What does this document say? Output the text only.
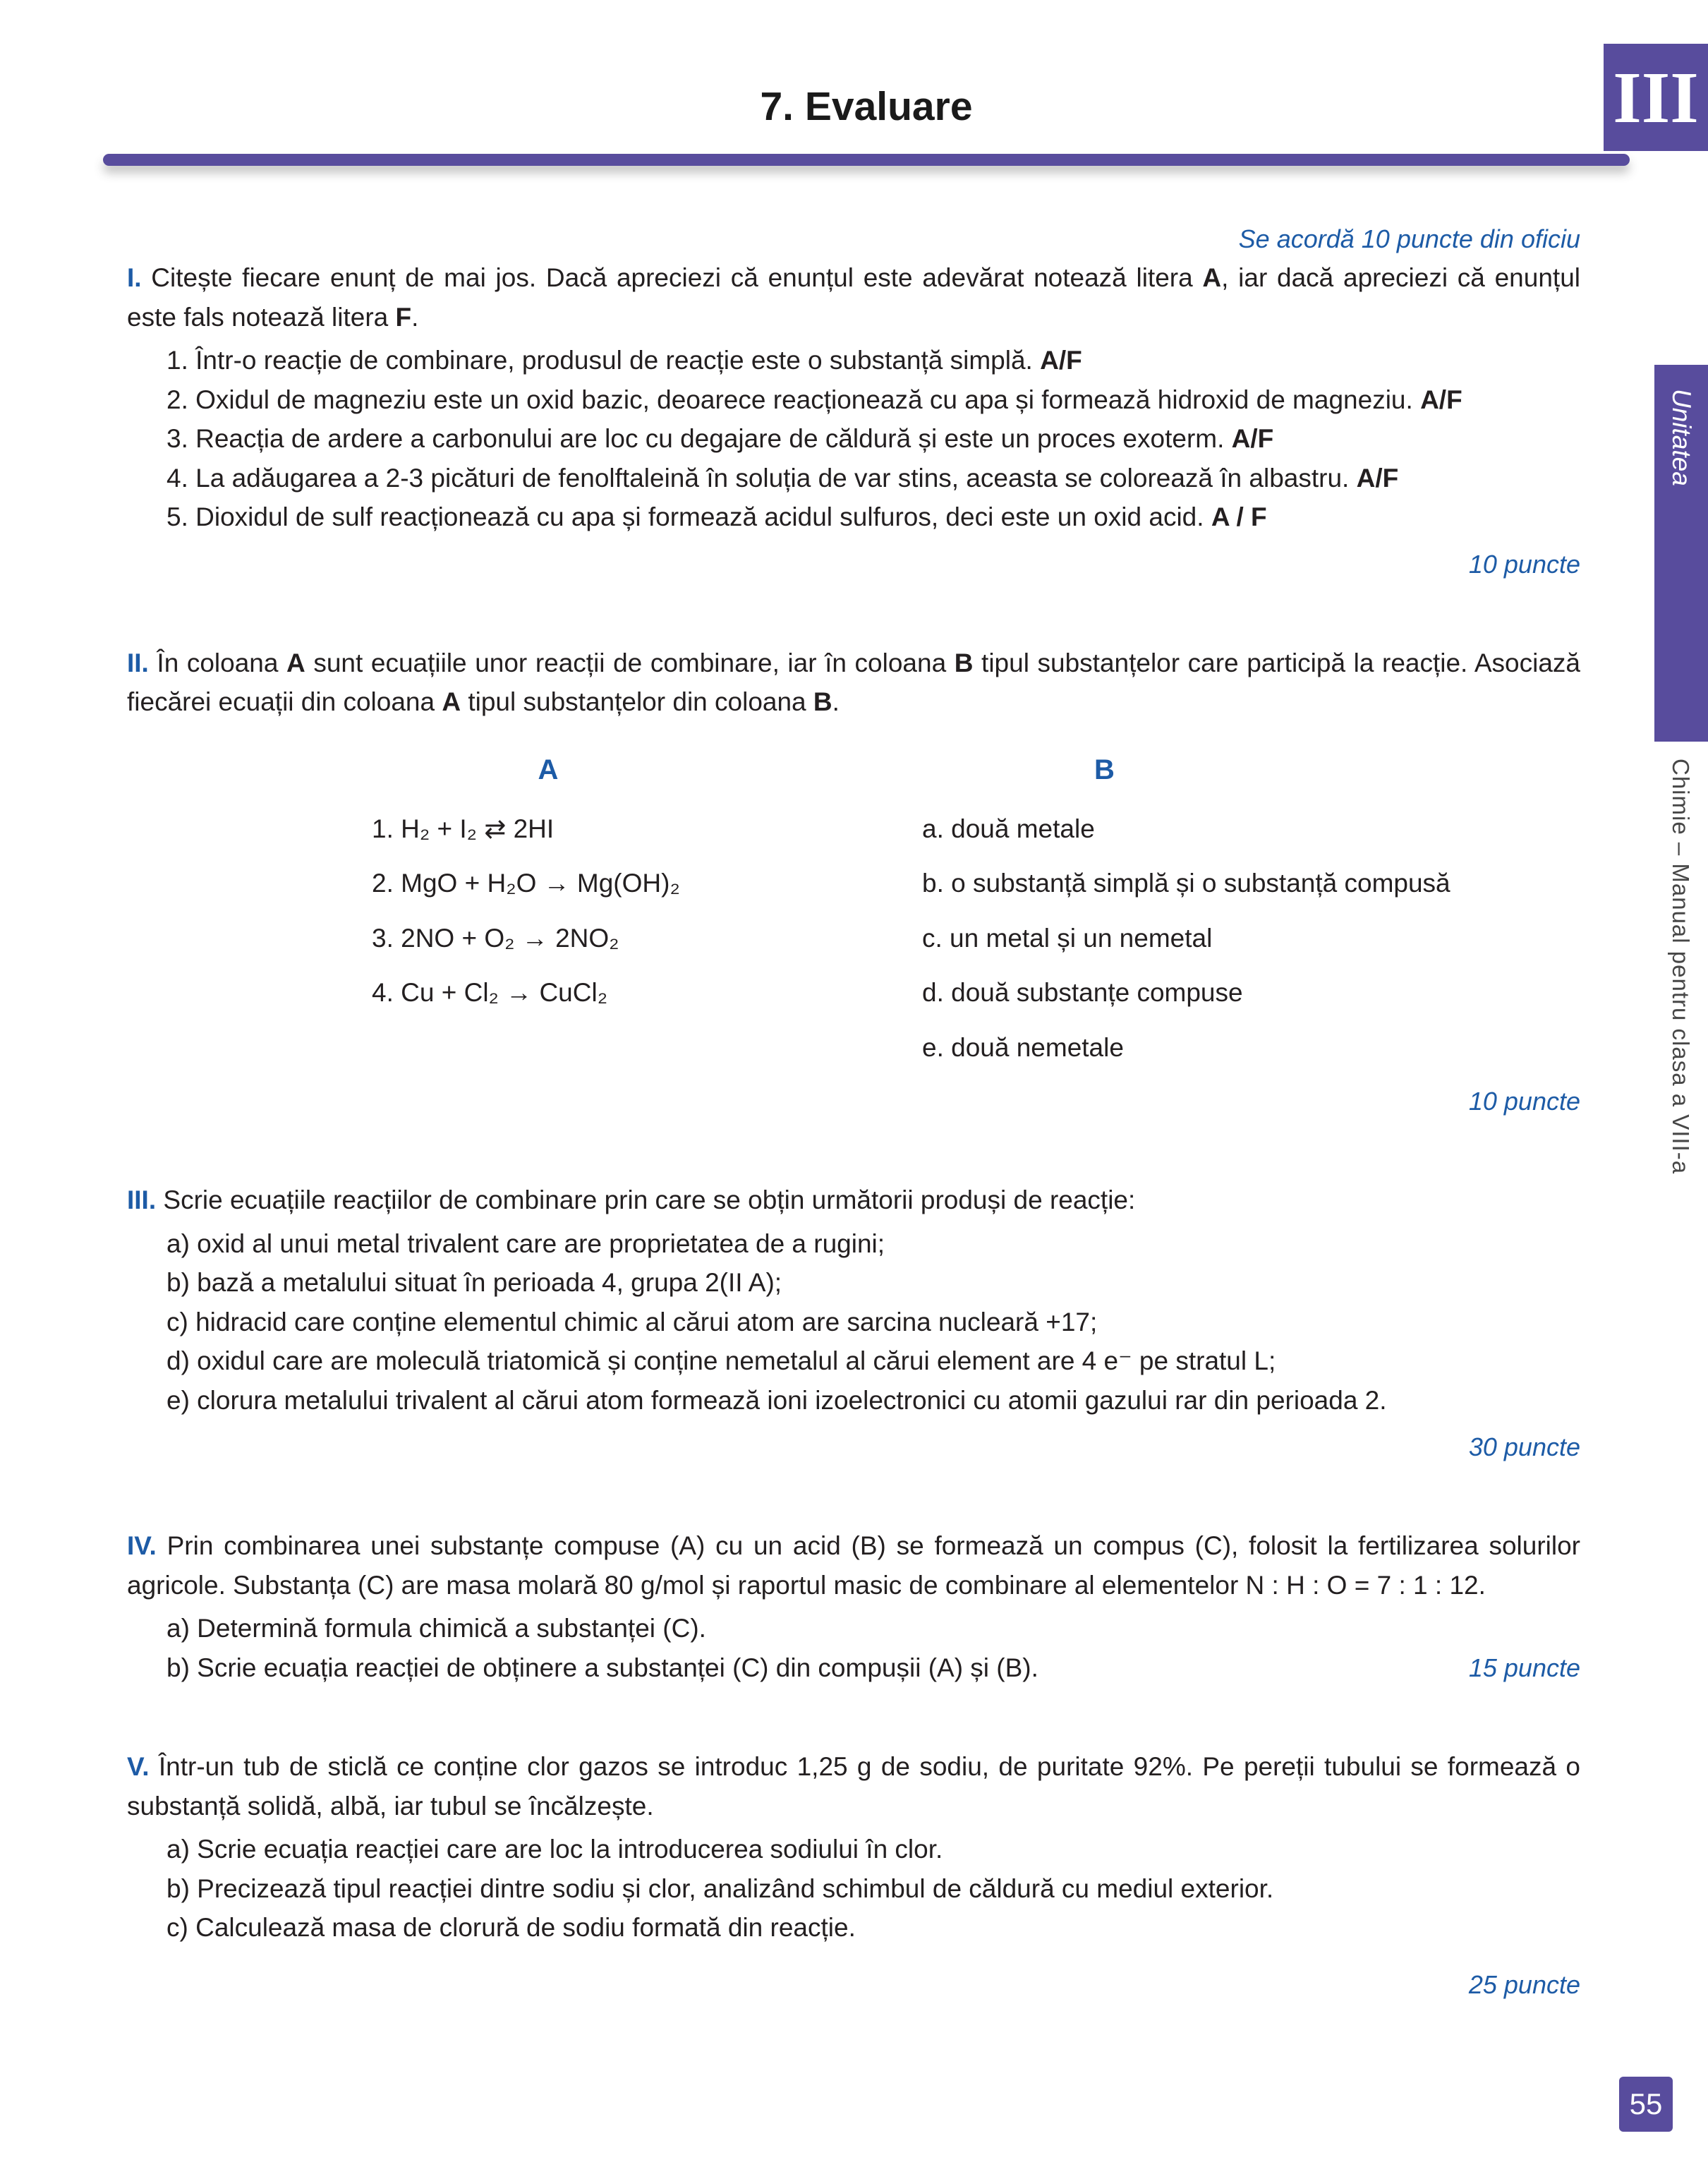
7. Evaluare	III
Unitatea
Chimie – Manual pentru clasa a VIII-a
55

Se acordă 10 puncte din oficiu

I. Citește fiecare enunț de mai jos. Dacă apreciezi că enunțul este adevărat notează litera A, iar dacă apreciezi că enunțul este fals notează litera F.

1. Într-o reacție de combinare, produsul de reacție este o substanță simplă. A/F

2. Oxidul de magneziu este un oxid bazic, deoarece reacționează cu apa și formează hidroxid de magneziu. A/F

3. Reacția de ardere a carbonului are loc cu degajare de căldură și este un proces exoterm. A/F

4. La adăugarea a 2-3 picături de fenolftaleină în soluția de var stins, aceasta se colorează în albastru. A/F

5. Dioxidul de sulf reacționează cu apa și formează acidul sulfuros, deci este un oxid acid. A / F

10 puncte

II. În coloana A sunt ecuațiile unor reacții de combinare, iar în coloana B tipul substanțelor care participă la reacție. Asociază fiecărei ecuații din coloana A tipul substanțelor din coloana B.

A	B
1. H₂ + I₂ ⇄ 2HI	a. două metale
2. MgO + H₂O → Mg(OH)₂	b. o substanță simplă și o substanță compusă
3. 2NO + O₂ → 2NO₂	c. un metal și un nemetal
4. Cu + Cl₂ → CuCl₂	d. două substanțe compuse
e. două nemetale

10 puncte

III. Scrie ecuațiile reacțiilor de combinare prin care se obțin următorii produși de reacție:

a) oxid al unui metal trivalent care are proprietatea de a rugini;

b) bază a metalului situat în perioada 4, grupa 2(II A);

c) hidracid care conține elementul chimic al cărui atom are sarcina nucleară +17;

d) oxidul care are moleculă triatomică și conține nemetalul al cărui element are 4 e⁻ pe stratul L;

e) clorura metalului trivalent al cărui atom formează ioni izoelectronici cu atomii gazului rar din perioada 2.

30 puncte

IV. Prin combinarea unei substanțe compuse (A) cu un acid (B) se formează un compus (C), folosit la fertilizarea solurilor agricole. Substanța (C) are masa molară 80 g/mol și raportul masic de combinare al elementelor N : H : O = 7 : 1 : 12.

a) Determină formula chimică a substanței (C).

b) Scrie ecuația reacției de obținere a substanței (C) din compușii (A) și (B).	15 puncte

V. Într-un tub de sticlă ce conține clor gazos se introduc 1,25 g de sodiu, de puritate 92%. Pe pereții tubului se formează o substanță solidă, albă, iar tubul se încălzește.

a) Scrie ecuația reacției care are loc la introducerea sodiului în clor.

b) Precizează tipul reacției dintre sodiu și clor, analizând schimbul de căldură cu mediul exterior.

c) Calculează masa de clorură de sodiu formată din reacție.

25 puncte
